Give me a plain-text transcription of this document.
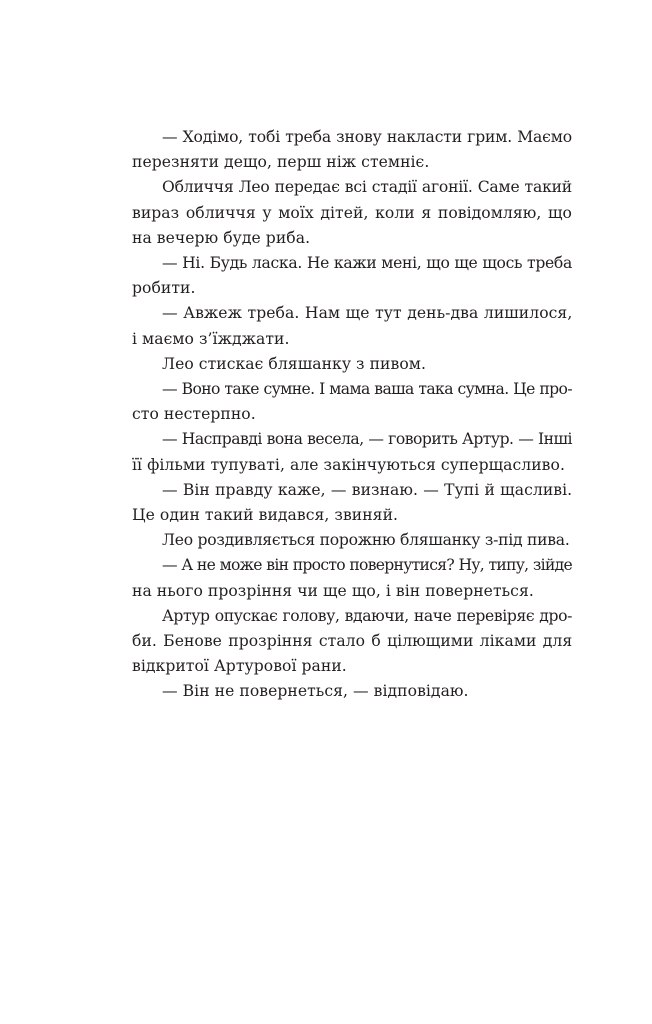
— Ходімо, тобі треба знову накласти грим. Маємо
перезняти дещо, перш ніж стемніє.

Обличчя Лео передає всі стадії агонії. Саме такий
вираз обличчя у моїх дітей, коли я повідомляю, що
на вечерю буде риба.

— Ні. Будь ласка. Не кажи мені, що ще щось треба
робити.

— Авжеж треба. Нам ще тут день-два лишилося,
і маємо з’їжджати.

Лео стискає бляшанку з пивом.

— Воно таке сумне. І мама ваша така сумна. Це про-
сто нестерпно.

— Насправді вона весела, — говорить Артур. — Інші
її фільми тупуваті, але закінчуються суперщасливо.

— Він правду каже, — визнаю. — Тупі й щасливі.
Це один такий видався, звиняй.

Лео роздивляється порожню бляшанку з-під пива.

— А не може він просто повернутися? Ну, типу, зійде
на нього прозріння чи ще що, і він повернеться.

Артур опускає голову, вдаючи, наче перевіряє дро-
би. Бенове прозріння стало б цілющими ліками для
відкритої Артурової рани.

— Він не повернеться, — відповідаю.
